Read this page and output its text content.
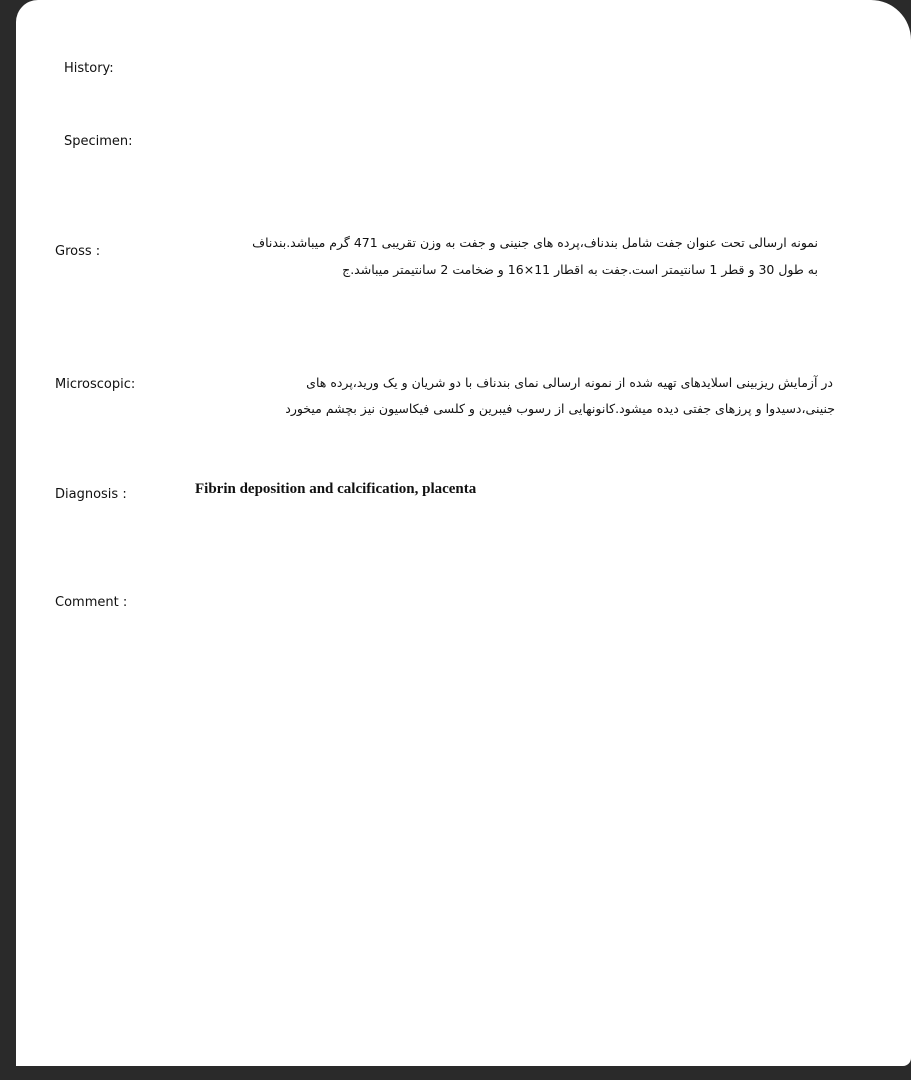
History:
Specimen:
Gross :
نمونه ارسالی تحت عنوان جفت شامل بندناف،پرده های جنینی و جفت به وزن تقریبی 471 گرم میباشد.بندناف
به طول 30 و قطر 1 سانتیمتر است.جفت به اقطار 11×16 و ضخامت 2 سانتیمتر میباشد.ج
Microscopic:	در آزمایش ریزبینی اسلایدهای تهیه شده از نمونه ارسالی نمای بندناف با دو شریان و یک ورید،پرده های
جنینی،دسیدوا و پرزهای جفتی دیده میشود.کانونهایی از رسوب فیبرین و کلسی فیکاسیون نیز بچشم میخورد
Diagnosis :	Fibrin deposition and calcification, placenta
Comment :
